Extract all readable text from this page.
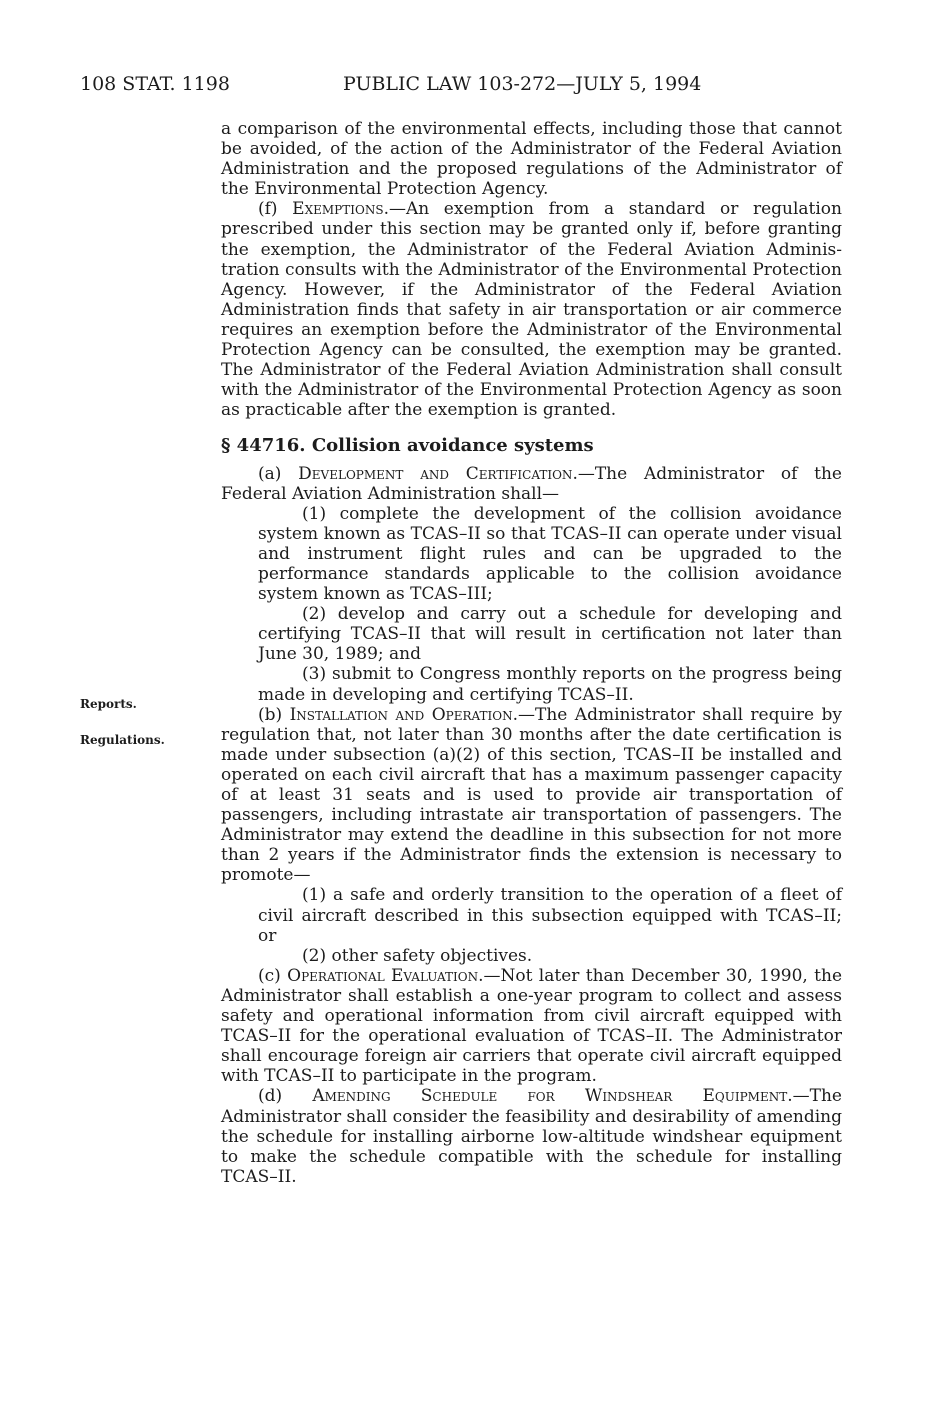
108 STAT. 1198	PUBLIC LAW 103-272—JULY 5, 1994
Reports.
Regulations.

a comparison of the environmental effects, including those that cannot be avoided, of the action of the Administrator of the Federal Aviation Administration and the proposed regulations of the Administrator of the Environmental Protection Agency.

(f) Exemptions.—An exemption from a standard or regulation prescribed under this section may be granted only if, before granting the exemption, the Administrator of the Federal Aviation Administration consults with the Administrator of the Environmental Protection Agency. However, if the Administrator of the Federal Aviation Administration finds that safety in air transportation or air commerce requires an exemption before the Administrator of the Environmental Protection Agency can be consulted, the exemption may be granted. The Administrator of the Federal Aviation Administration shall consult with the Administrator of the Environmental Protection Agency as soon as practicable after the exemption is granted.

§ 44716. Collision avoidance systems

(a) Development and Certification.—The Administrator of the Federal Aviation Administration shall—

(1) complete the development of the collision avoidance system known as TCAS–II so that TCAS–II can operate under visual and instrument flight rules and can be upgraded to the performance standards applicable to the collision avoidance system known as TCAS–III;

(2) develop and carry out a schedule for developing and certifying TCAS–II that will result in certification not later than June 30, 1989; and

(3) submit to Congress monthly reports on the progress being made in developing and certifying TCAS–II.

(b) Installation and Operation.—The Administrator shall require by regulation that, not later than 30 months after the date certification is made under subsection (a)(2) of this section, TCAS–II be installed and operated on each civil aircraft that has a maximum passenger capacity of at least 31 seats and is used to provide air transportation of passengers, including intrastate air transportation of passengers. The Administrator may extend the deadline in this subsection for not more than 2 years if the Administrator finds the extension is necessary to promote—

(1) a safe and orderly transition to the operation of a fleet of civil aircraft described in this subsection equipped with TCAS–II; or

(2) other safety objectives.

(c) Operational Evaluation.—Not later than December 30, 1990, the Administrator shall establish a one-year program to collect and assess safety and operational information from civil aircraft equipped with TCAS–II for the operational evaluation of TCAS–II. The Administrator shall encourage foreign air carriers that operate civil aircraft equipped with TCAS–II to participate in the program.

(d) Amending Schedule for Windshear Equipment.—The Administrator shall consider the feasibility and desirability of amending the schedule for installing airborne low-altitude windshear equipment to make the schedule compatible with the schedule for installing TCAS–II.
